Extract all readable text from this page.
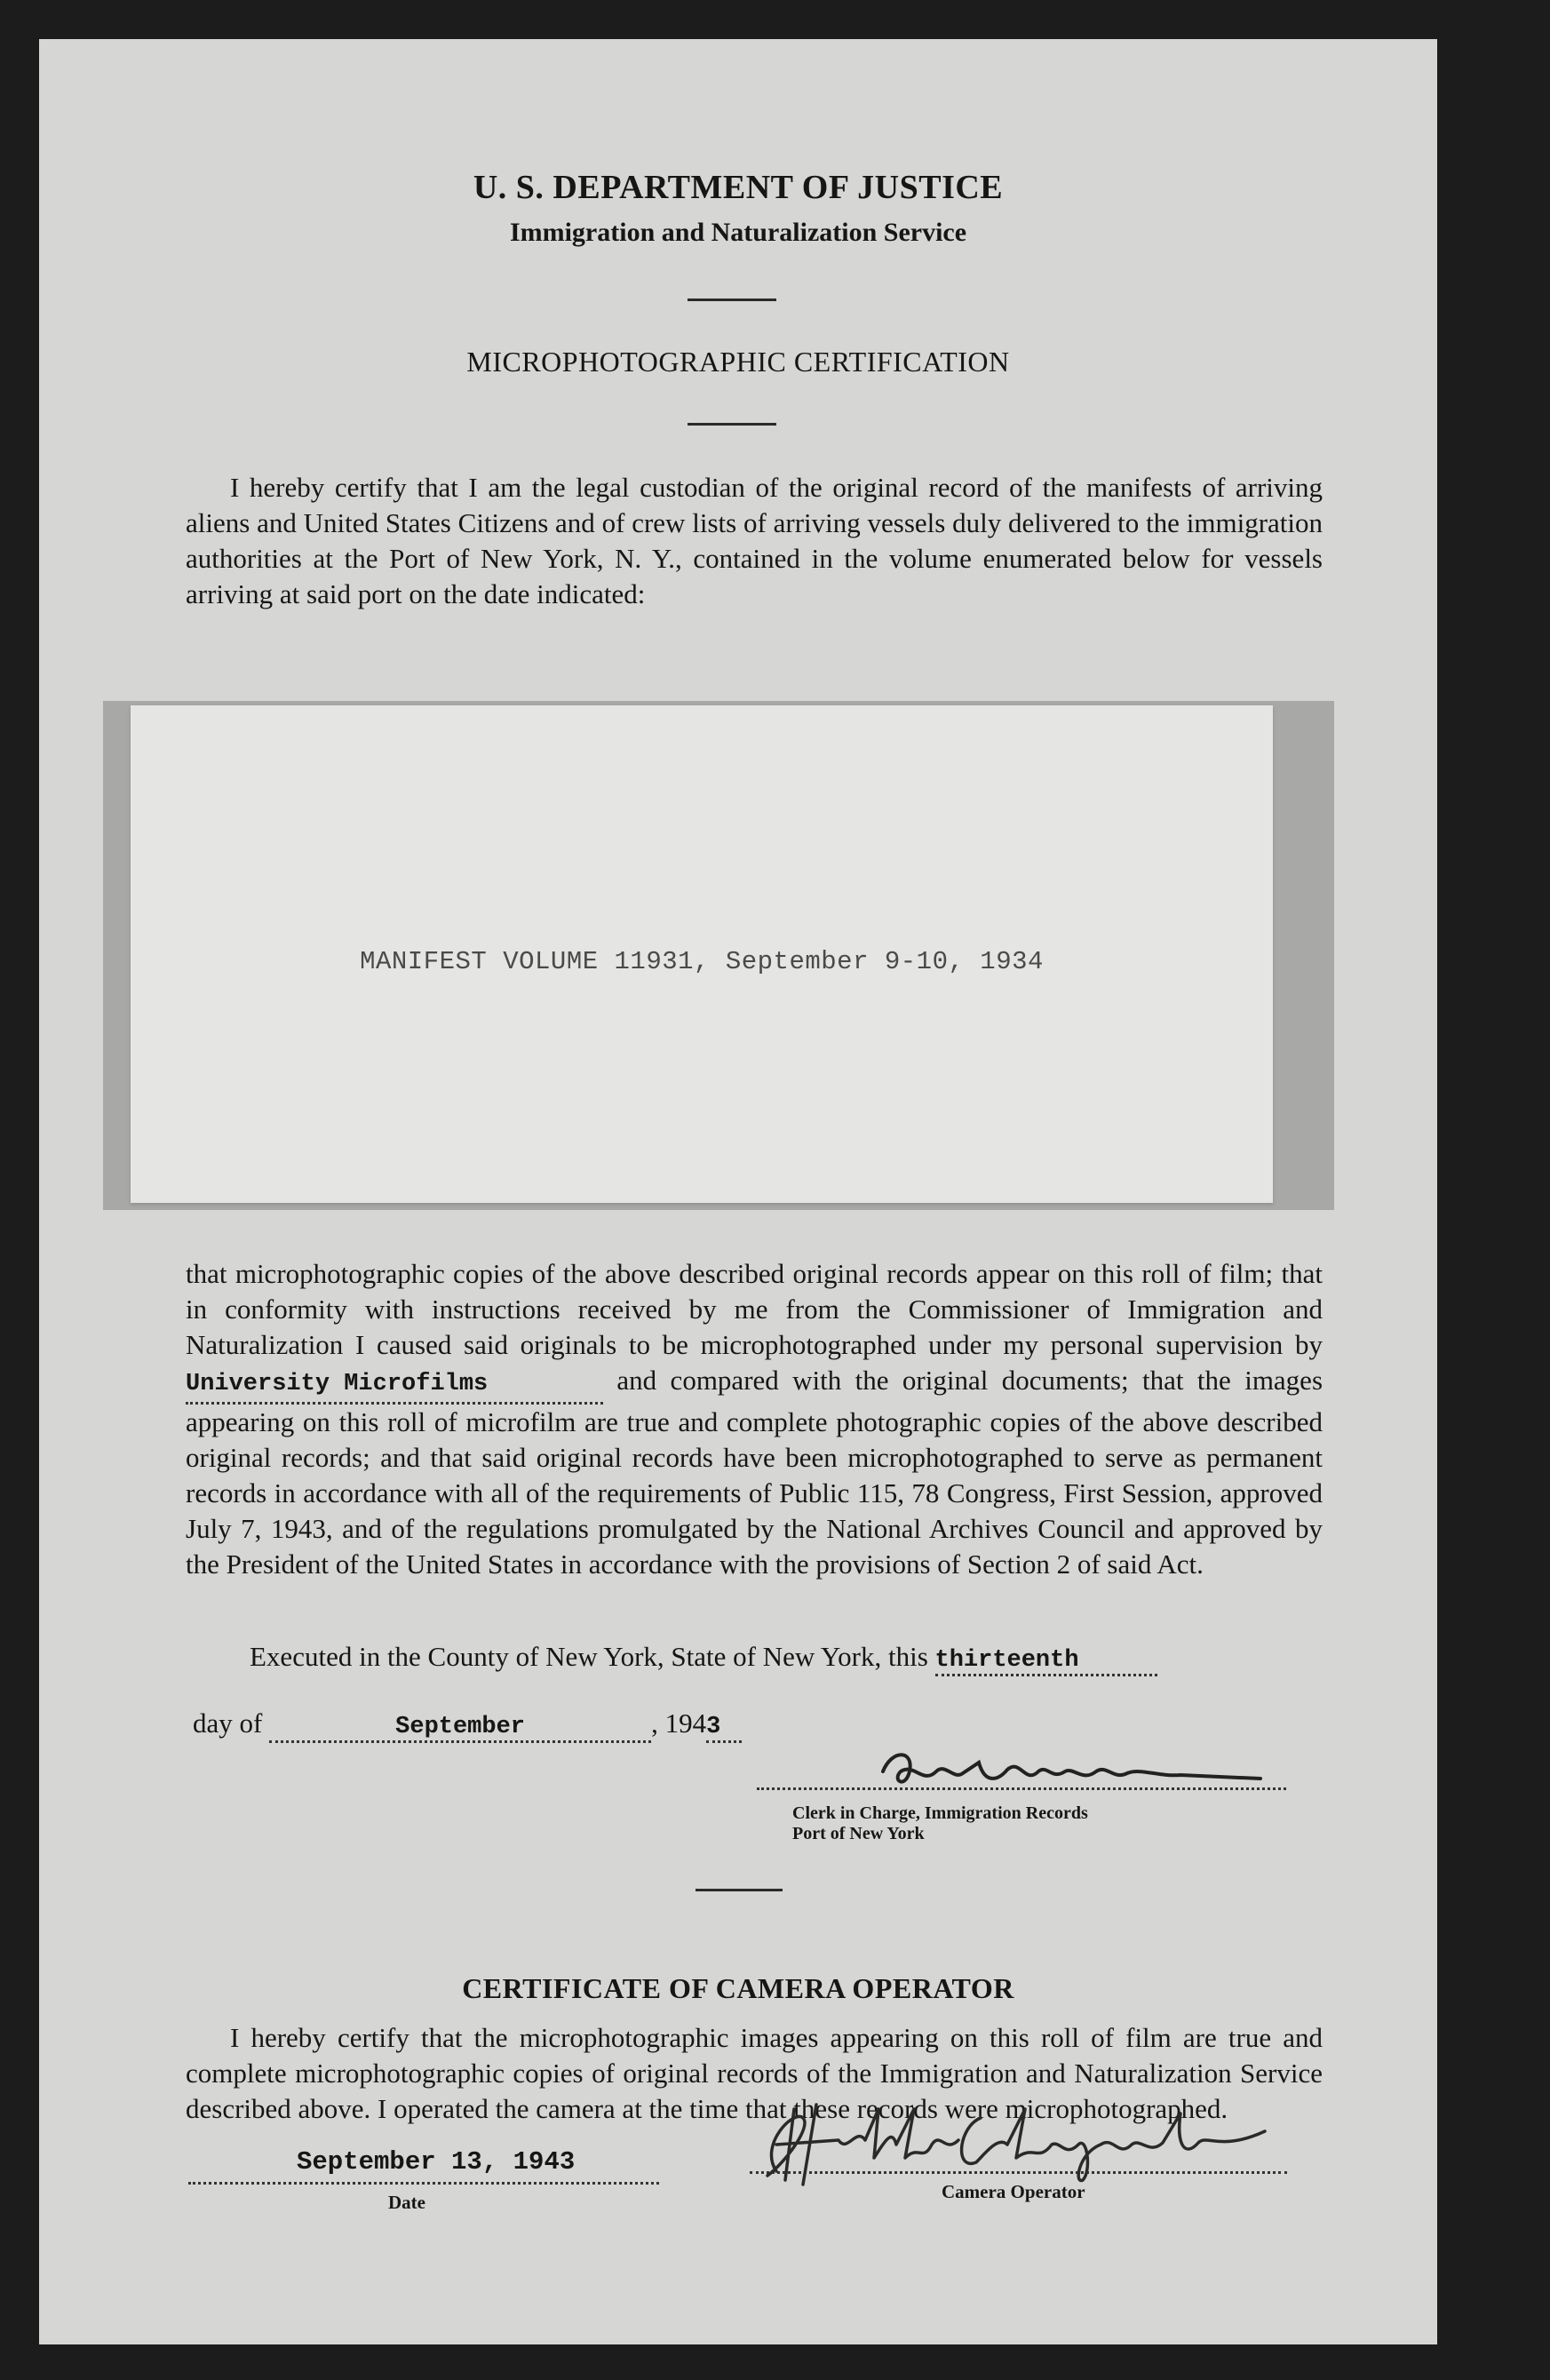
U. S. DEPARTMENT OF JUSTICE
Immigration and Naturalization Service
MICROPHOTOGRAPHIC CERTIFICATION
I hereby certify that I am the legal custodian of the original record of the manifests of arriving aliens and United States Citizens and of crew lists of arriving vessels duly delivered to the immigration authorities at the Port of New York, N. Y., contained in the volume enumerated below for vessels arriving at said port on the date indicated:
MANIFEST VOLUME 11931, September 9-10, 1934
that microphotographic copies of the above described original records appear on this roll of film; that in conformity with instructions received by me from the Commissioner of Immigration and Naturalization I caused said originals to be microphotographed under my personal supervision by University Microfilms	and compared with the original documents; that the images appearing on this roll of microfilm are true and complete photographic copies of the above described original records; and that said original records have been microphotographed to serve as permanent records in accordance with all of the requirements of Public 115, 78 Congress, First Session, approved July 7, 1943, and of the regulations promulgated by the National Archives Council and approved by the President of the United States in accordance with the provisions of Section 2 of said Act.
Executed in the County of New York, State of New York, this thirteenth
day of	September	, 1943
Clerk in Charge, Immigration Records
Port of New York
CERTIFICATE OF CAMERA OPERATOR
I hereby certify that the microphotographic images appearing on this roll of film are true and complete microphotographic copies of original records of the Immigration and Naturalization Service described above. I operated the camera at the time that these records were microphotographed.
September 13, 1943
Date	Camera Operator
